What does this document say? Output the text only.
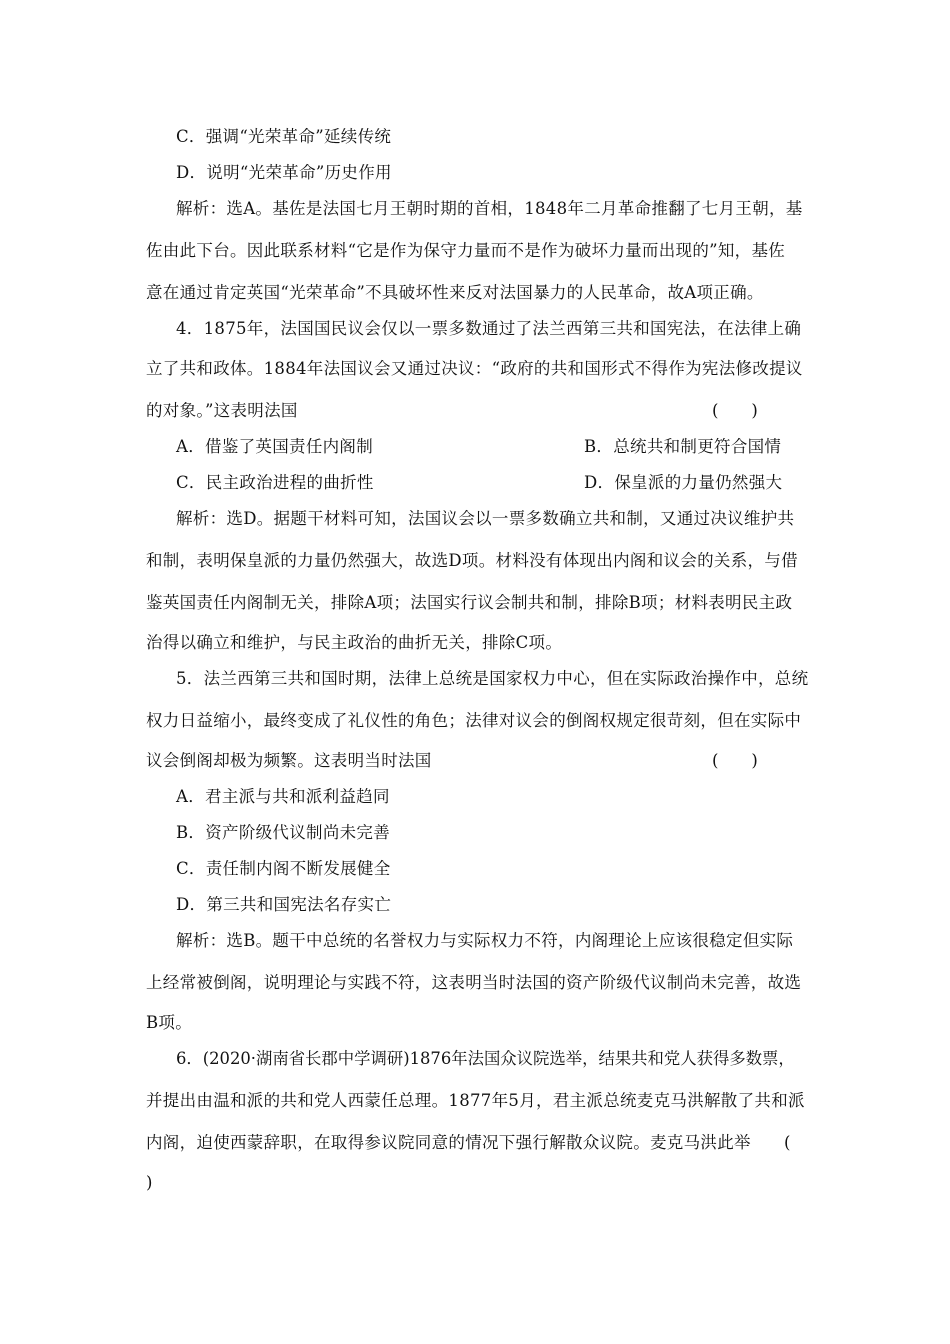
C．强调“光荣革命”延续传统
D．说明“光荣革命”历史作用
解析：选A。基佐是法国七月王朝时期的首相，1848年二月革命推翻了七月王朝，基
佐由此下台。因此联系材料“它是作为保守力量而不是作为破坏力量而出现的”知，基佐
意在通过肯定英国“光荣革命”不具破坏性来反对法国暴力的人民革命，故A项正确。
4．1875年，法国国民议会仅以一票多数通过了法兰西第三共和国宪法，在法律上确
立了共和政体。1884年法国议会又通过决议：“政府的共和国形式不得作为宪法修改提议
的对象。”这表明法国	(　　)
A．借鉴了英国责任内阁制	B．总统共和制更符合国情
C．民主政治进程的曲折性	D．保皇派的力量仍然强大
解析：选D。据题干材料可知，法国议会以一票多数确立共和制，又通过决议维护共
和制，表明保皇派的力量仍然强大，故选D项。材料没有体现出内阁和议会的关系，与借
鉴英国责任内阁制无关，排除A项；法国实行议会制共和制，排除B项；材料表明民主政
治得以确立和维护，与民主政治的曲折无关，排除C项。
5．法兰西第三共和国时期，法律上总统是国家权力中心，但在实际政治操作中，总统
权力日益缩小，最终变成了礼仪性的角色；法律对议会的倒阁权规定很苛刻，但在实际中
议会倒阁却极为频繁。这表明当时法国	(　　)
A．君主派与共和派利益趋同
B．资产阶级代议制尚未完善
C．责任制内阁不断发展健全
D．第三共和国宪法名存实亡
解析：选B。题干中总统的名誉权力与实际权力不符，内阁理论上应该很稳定但实际
上经常被倒阁，说明理论与实践不符，这表明当时法国的资产阶级代议制尚未完善，故选
B项。
6．(2020·湖南省长郡中学调研)1876年法国众议院选举，结果共和党人获得多数票，
并提出由温和派的共和党人西蒙任总理。1877年5月，君主派总统麦克马洪解散了共和派
内阁，迫使西蒙辞职，在取得参议院同意的情况下强行解散众议院。麦克马洪此举 (
)
